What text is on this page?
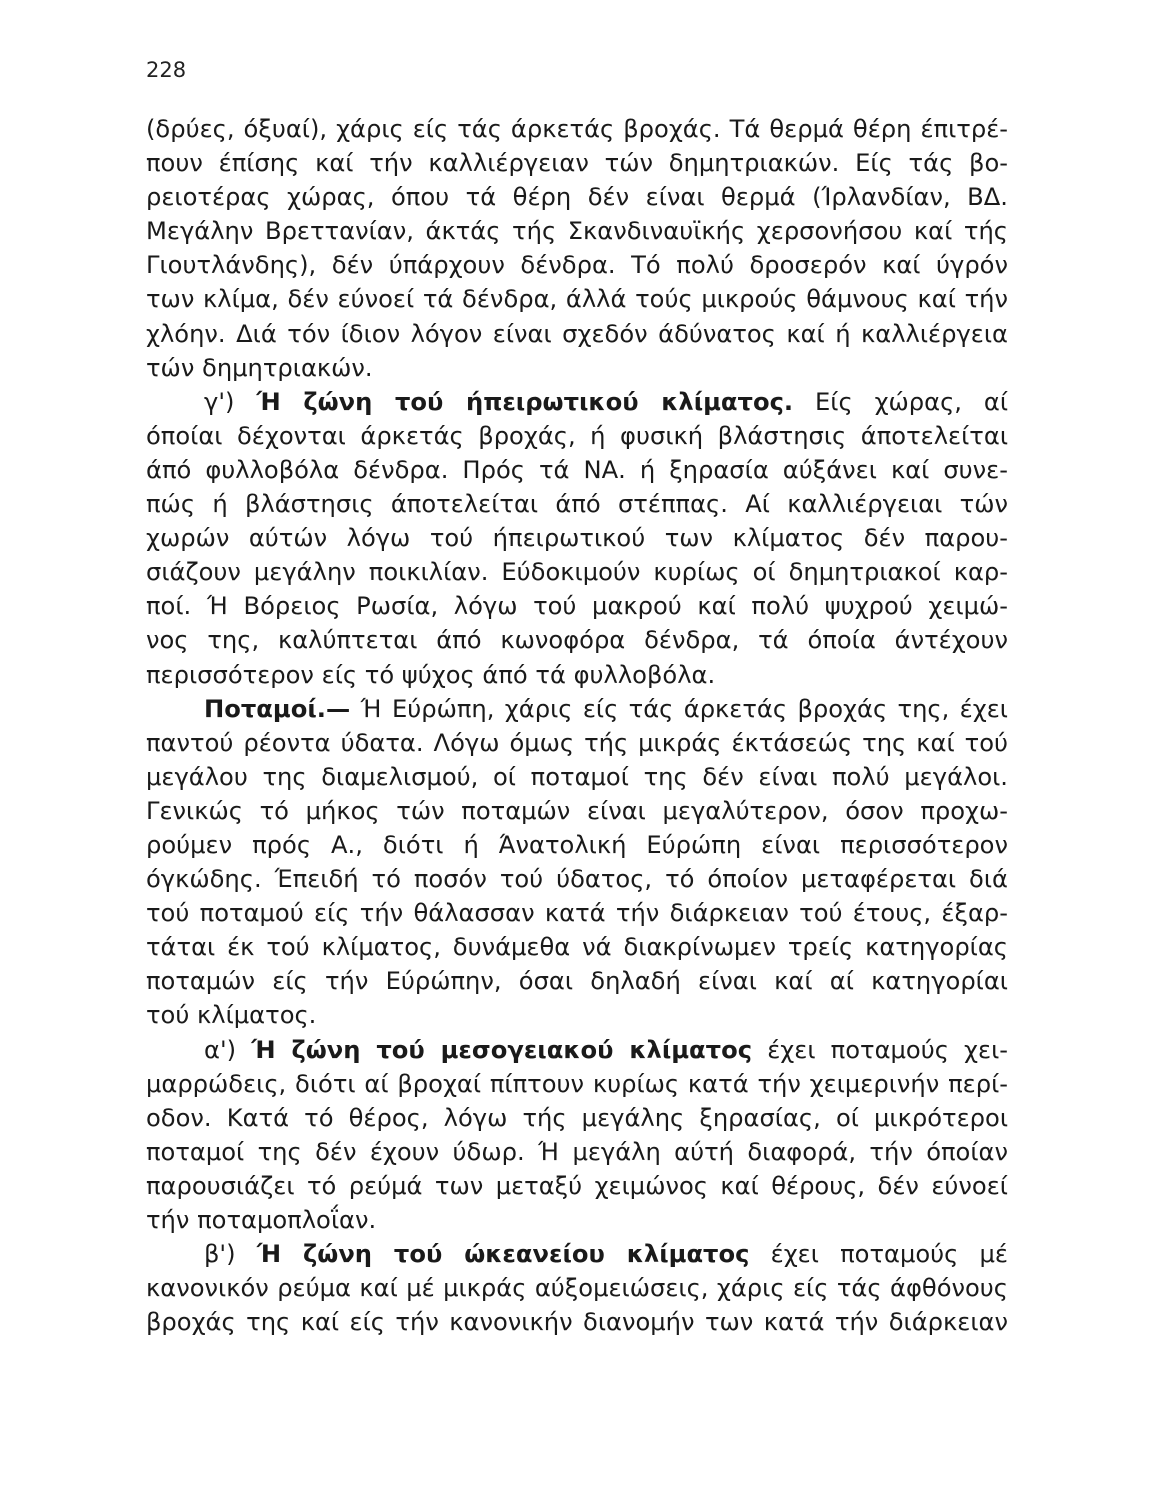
228
(δρύες, όξυαί), χάρις είς τάς άρκετάς βροχάς. Τά θερμά θέρη έπιτρέ-
πουν έπίσης καί τήν καλλιέργειαν τών δημητριακών. Είς τάς βο-
ρειοτέρας χώρας, όπου τά θέρη δέν είναι θερμά (Ίρλανδίαν, ΒΔ.
Μεγάλην Βρεττανίαν, άκτάς τής Σκανδιναυϊκής χερσονήσου καί τής
Γιουτλάνδης), δέν ύπάρχουν δένδρα. Τό πολύ δροσερόν καί ύγρόν
των κλίμα, δέν εύνοεί τά δένδρα, άλλά τούς μικρούς θάμνους καί τήν
χλόην. Διά τόν ίδιον λόγον είναι σχεδόν άδύνατος καί ή καλλιέργεια
τών δημητριακών.
γ') Ή ζώνη τού ήπειρωτικού κλίματος. Είς χώρας, αί
όποίαι δέχονται άρκετάς βροχάς, ή φυσική βλάστησις άποτελείται
άπό φυλλοβόλα δένδρα. Πρός τά ΝΑ. ή ξηρασία αύξάνει καί συνε-
πώς ή βλάστησις άποτελείται άπό στέππας. Αί καλλιέργειαι τών
χωρών αύτών λόγω τού ήπειρωτικού των κλίματος δέν παρου-
σιάζουν μεγάλην ποικιλίαν. Εύδοκιμούν κυρίως οί δημητριακοί καρ-
ποί. Ή Βόρειος Ρωσία, λόγω τού μακρού καί πολύ ψυχρού χειμώ-
νος της, καλύπτεται άπό κωνοφόρα δένδρα, τά όποία άντέχουν
περισσότερον είς τό ψύχος άπό τά φυλλοβόλα.
Ποταμοί.— Ή Εύρώπη, χάρις είς τάς άρκετάς βροχάς της, έχει
παντού ρέοντα ύδατα. Λόγω όμως τής μικράς έκτάσεώς της καί τού
μεγάλου της διαμελισμού, οί ποταμοί της δέν είναι πολύ μεγάλοι.
Γενικώς τό μήκος τών ποταμών είναι μεγαλύτερον, όσον προχω-
ρούμεν πρός Α., διότι ή Άνατολική Εύρώπη είναι περισσότερον
όγκώδης. Έπειδή τό ποσόν τού ύδατος, τό όποίον μεταφέρεται διά
τού ποταμού είς τήν θάλασσαν κατά τήν διάρκειαν τού έτους, έξαρ-
τάται έκ τού κλίματος, δυνάμεθα νά διακρίνωμεν τρείς κατηγορίας
ποταμών είς τήν Εύρώπην, όσαι δηλαδή είναι καί αί κατηγορίαι
τού κλίματος.
α') Ή ζώνη τού μεσογειακού κλίματος έχει ποταμούς χει-
μαρρώδεις, διότι αί βροχαί πίπτουν κυρίως κατά τήν χειμερινήν περί-
οδον. Κατά τό θέρος, λόγω τής μεγάλης ξηρασίας, οί μικρότεροι
ποταμοί της δέν έχουν ύδωρ. Ή μεγάλη αύτή διαφορά, τήν όποίαν
παρουσιάζει τό ρεύμά των μεταξύ χειμώνος καί θέρους, δέν εύνοεί
τήν ποταμοπλοΐαν.
β') Ή ζώνη τού ώκεανείου κλίματος έχει ποταμούς μέ
κανονικόν ρεύμα καί μέ μικράς αύξομειώσεις, χάρις είς τάς άφθόνους
βροχάς της καί είς τήν κανονικήν διανομήν των κατά τήν διάρκειαν
